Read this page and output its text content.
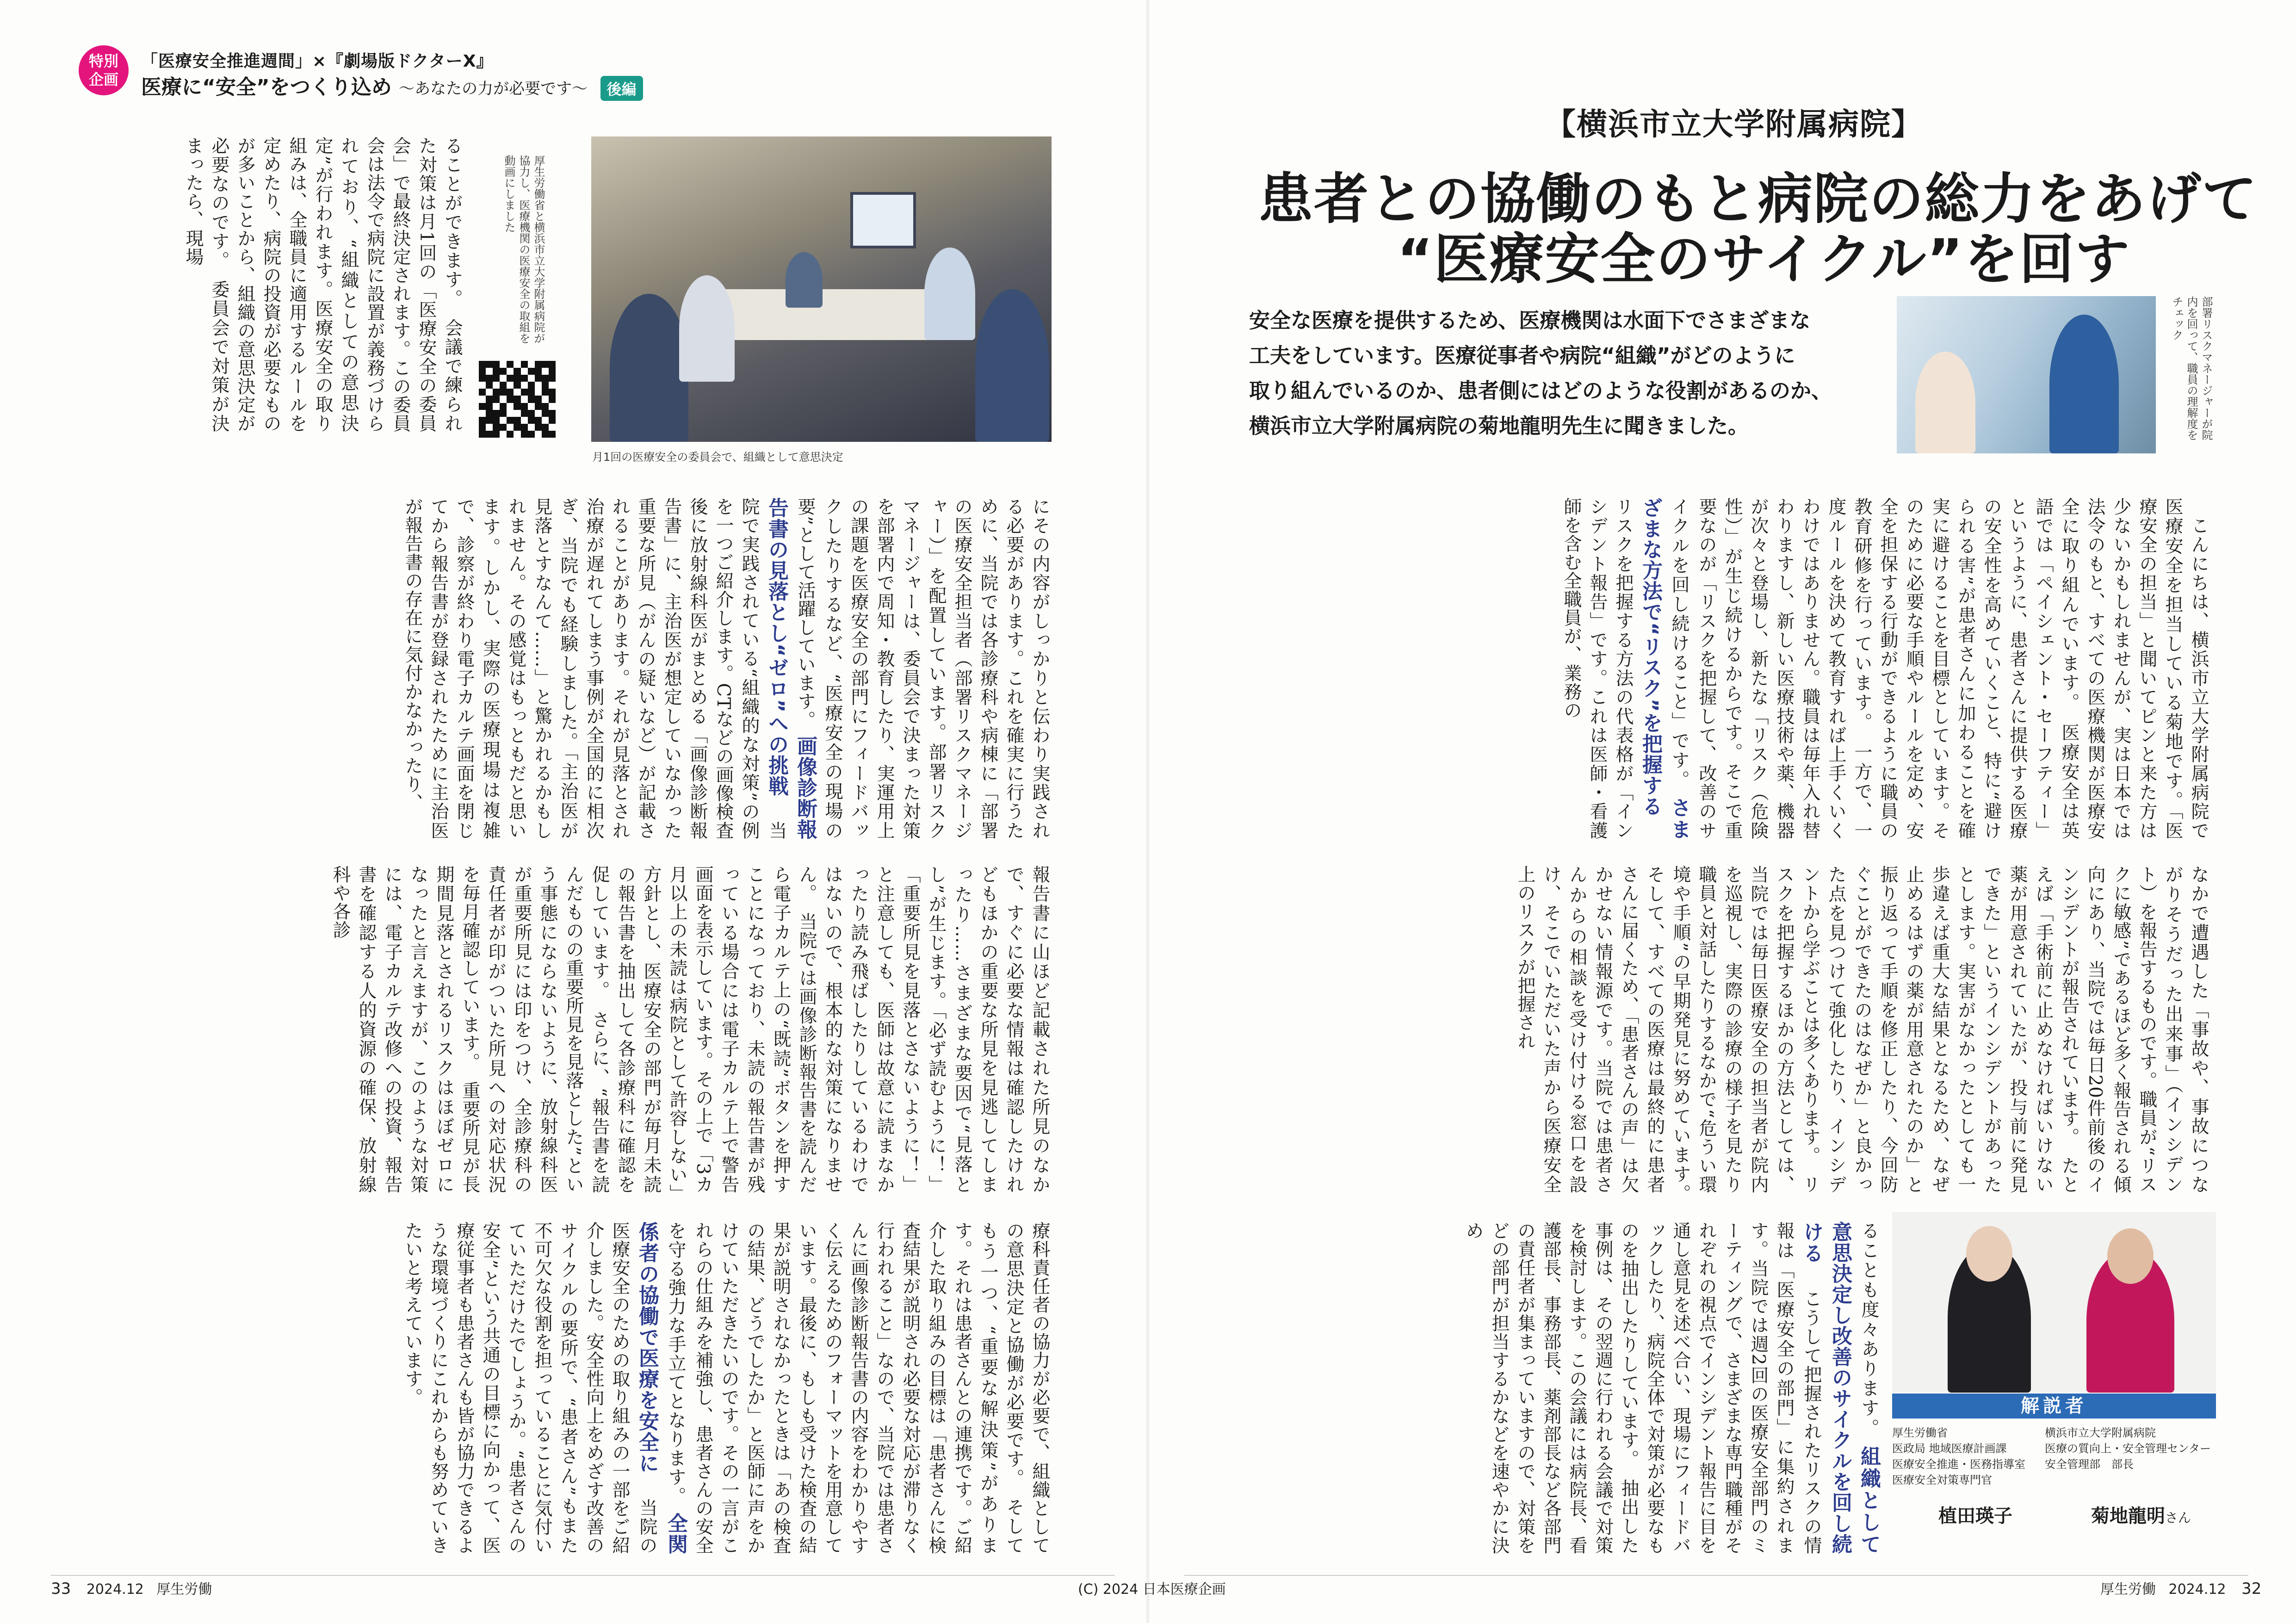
特別
企画
「医療安全推進週間」×『劇場版ドクターX』
医療に“安全”をつくり込め ～あなたの力が必要です～ 後編
月1回の医療安全の委員会で、組織として意思決定
厚生労働省と横浜市立大学附属病院が協力し、医療機関の医療安全の取組を動画にしました
ることができます。　会議で練られた対策は月1回の「医療安全の委員会」で最終決定されます。この委員会は法令で病院に設置が義務づけられており、“組織としての意思決定”が行われます。医療安全の取り組みは、全職員に適用するルールを定めたり、病院の投資が必要なものが多いことから、組織の意思決定が必要なのです。　委員会で対策が決まったら、現場
にその内容がしっかりと伝わり実践される必要があります。これを確実に行うために、当院では各診療科や病棟に「部署の医療安全担当者（部署リスクマネージャー）」を配置しています。部署リスクマネージャーは、委員会で決まった対策を部署内で周知・教育したり、実運用上の課題を医療安全の部門にフィードバックしたりするなど、“医療安全の現場の要”として活躍しています。 画像診断報告書の見落とし“ゼロ”への挑戦 　当院で実践されている“組織的な対策”の例を一つご紹介します。CTなどの画像検査後に放射線科医がまとめる「画像診断報告書」に、主治医が想定していなかった重要な所見（がんの疑いなど）が記載されることがあります。それが見落とされ治療が遅れてしまう事例が全国的に相次ぎ、当院でも経験しました。「主治医が見落とすなんて……」と驚かれるかもしれません。その感覚はもっともだと思います。しかし、実際の医療現場は複雑で、診察が終わり電子カルテ画面を閉じてから報告書が登録されたために主治医が報告書の存在に気付かなかったり、
報告書に山ほど記載された所見のなかで、すぐに必要な情報は確認したけれどもほかの重要な所見を見逃してしまったり……さまざまな要因で“見落とし”が生じます。「必ず読むように！」「重要所見を見落とさないように！」と注意しても、医師は故意に読まなかったり読み飛ばしたりしているわけではないので、根本的な対策になりません。　当院では画像診断報告書を読んだら電子カルテ上の“既読”ボタンを押すことになっており、未読の報告書が残っている場合には電子カルテ上で警告画面を表示しています。その上で「3カ月以上の未読は病院として許容しない」方針とし、医療安全の部門が毎月未読の報告書を抽出して各診療科に確認を促しています。　さらに、“報告書を読んだものの重要所見を見落とした”という事態にならないように、放射線科医が重要所見には印をつけ、全診療科の責任者が印がついた所見への対応状況を毎月確認しています。　重要所見が長期間見落とされるリスクはほぼゼロになったと言えますが、このような対策には、電子カルテ改修への投資、報告書を確認する人的資源の確保、放射線科や各診
療科責任者の協力が必要で、組織としての意思決定と協働が必要です。　そしてもう一つ、“重要な解決策”があります。それは患者さんとの連携です。ご紹介した取り組みの目標は「患者さんに検査結果が説明され必要な対応が滞りなく行われること」なので、当院では患者さんに画像診断報告書の内容をわかりやすく伝えるためのフォーマットを用意しています。最後に、もしも受けた検査の結果が説明されなかったときは「あの検査の結果、どうでしたか」と医師に声をかけていただきたいのです。その一言がこれらの仕組みを補強し、患者さんの安全を守る強力な手立てとなります。 全関係者の協働で医療を安全に 　当院の医療安全のための取り組みの一部をご紹介しました。安全性向上をめざす改善のサイクルの要所で、“患者さん”もまた不可欠な役割を担っていることに気付いていただけたでしょうか。“患者さんの安全”という共通の目標に向かって、医療従事者も患者さんも皆が協力できるような環境づくりにこれからも努めていきたいと考えています。
33 2024.12 厚生労働	(C) 2024 日本医療企画
【横浜市立大学附属病院】
患者との協働のもと病院の総力をあげて
“医療安全のサイクル”を回す

安全な医療を提供するため、医療機関は水面下でさまざまな

工夫をしています。医療従事者や病院“組織”がどのように

取り組んでいるのか、患者側にはどのような役割があるのか、

横浜市立大学附属病院の菊地龍明先生に聞きました。	部署リスクマネージャーが院内を回って、職員の理解度をチェック
　こんにちは、横浜市立大学附属病院で医療安全を担当している菊地です。「医療安全の担当」と聞いてピンと来た方は少ないかもしれませんが、実は日本では法令のもと、すべての医療機関が医療安全に取り組んでいます。　医療安全は英語では「ペイシェント・セーフティー」というように、患者さんに提供する医療の安全性を高めていくこと、特に“避けられる害”が患者さんに加わることを確実に避けることを目標としています。そのために必要な手順やルールを定め、安全を担保する行動ができるように職員の教育研修を行っています。　一方で、一度ルールを決めて教育すれば上手くいくわけではありません。職員は毎年入れ替わりますし、新しい医療技術や薬、機器が次々と登場し、新たな「リスク（危険性）」が生じ続けるからです。そこで重要なのが「リスクを把握して、改善のサイクルを回し続けること」です。 さまざまな方法で“リスク”を把握する 　リスクを把握する方法の代表格が「インシデント報告」です。これは医師・看護師を含む全職員が、業務の
なかで遭遇した「事故や、事故につながりそうだった出来事」（インシデント）を報告するものです。職員が“リスクに敏感”であるほど多く報告される傾向にあり、当院では毎日20件前後のインシデントが報告されています。　たとえば「手術前に止めなければいけない薬が用意されていたが、投与前に発見できた」というインシデントがあったとします。実害がなかったとしても一歩違えば重大な結果となるため、なぜ止めるはずの薬が用意されたのか」と振り返って手順を修正したり、今回防ぐことができたのはなぜか」と良かった点を見つけて強化したり、インシデントから学ぶことは多くあります。　リスクを把握するほかの方法としては、当院では毎日医療安全の担当者が院内を巡視し、実際の診療の様子を見たり職員と対話したりするなかで“危うい環境や手順”の早期発見に努めています。　そして、すべての医療は最終的に患者さんに届くため、「患者さんの声」は欠かせない情報源です。当院では患者さんからの相談を受け付ける窓口を設け、そこでいただいた声から医療安全上のリスクが把握され
ることも度々あります。 組織として意思決定し改善のサイクルを回し続ける 　こうして把握されたリスクの情報は「医療安全の部門」に集約されます。当院では週2回の医療安全部門のミーティングで、さまざまな専門職種がそれぞれの視点でインシデント報告に目を通し意見を述べ合い、現場にフィードバックしたり、病院全体で対策が必要なものを抽出したりしています。　抽出した事例は、その翌週に行われる会議で対策を検討します。この会議には病院長、看護部長、事務部長、薬剤部長など各部門の責任者が集まっていますので、対策をどの部門が担当するかなどを速やかに決め
解説者

厚生労働省

医政局 地域医療計画課

医療安全推進・医務指導室

医療安全対策専門官

植田瑛子

横浜市立大学附属病院

医療の質向上・安全管理センター

安全管理部　部長

菊地龍明さん
厚生労働 2024.12 32
